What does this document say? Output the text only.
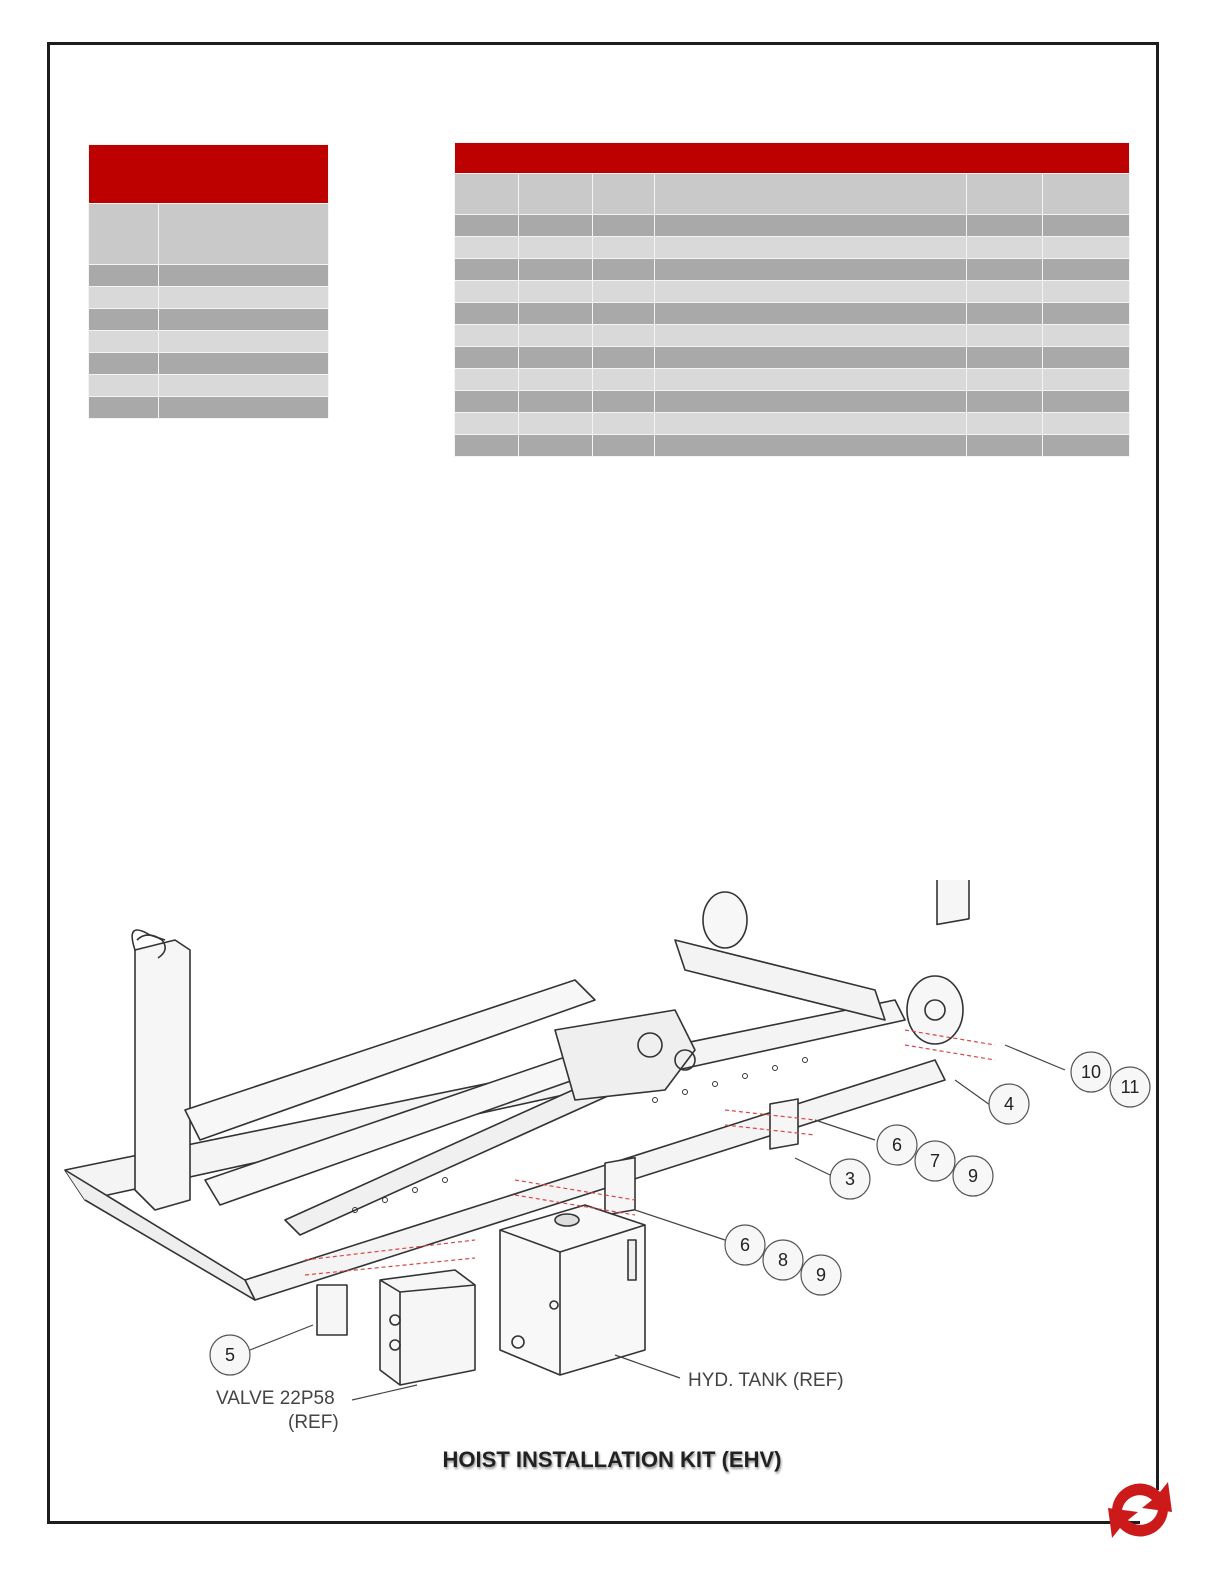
10
11
4
6
7
9
3
6
8
9
5
VALVE 22P58
(REF)
HYD. TANK (REF)
HOIST INSTALLATION KIT (EHV)
